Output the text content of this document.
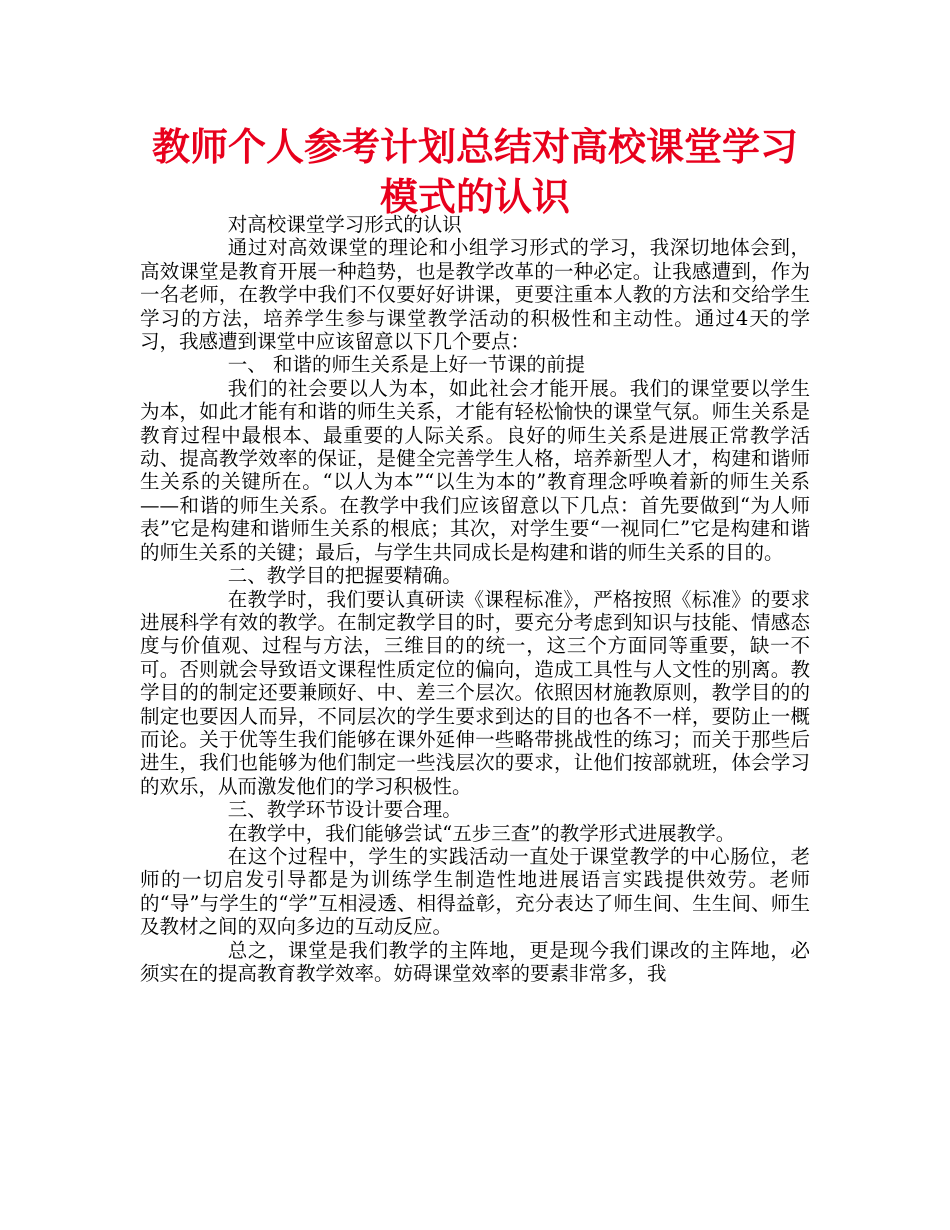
教师个人参考计划总结对高校课堂学习模式的认识

对高校课堂学习形式的认识

通过对高效课堂的理论和小组学习形式的学习，我深切地体会到，高效课堂是教育开展一种趋势，也是教学改革的一种必定。让我感遭到，作为一名老师，在教学中我们不仅要好好讲课，更要注重本人教的方法和交给学生学习的方法，培养学生参与课堂教学活动的积极性和主动性。通过4天的学习，我感遭到课堂中应该留意以下几个要点：

一、 和谐的师生关系是上好一节课的前提

我们的社会要以人为本，如此社会才能开展。我们的课堂要以学生为本，如此才能有和谐的师生关系，才能有轻松愉快的课堂气氛。师生关系是教育过程中最根本、最重要的人际关系。良好的师生关系是进展正常教学活动、提高教学效率的保证，是健全完善学生人格，培养新型人才，构建和谐师生关系的关键所在。“以人为本”“以生为本的”教育理念呼唤着新的师生关系——和谐的师生关系。在教学中我们应该留意以下几点：首先要做到“为人师表”它是构建和谐师生关系的根底；其次，对学生要“一视同仁”它是构建和谐的师生关系的关键；最后，与学生共同成长是构建和谐的师生关系的目的。

二、教学目的把握要精确。

在教学时，我们要认真研读《课程标准》，严格按照《标准》的要求进展科学有效的教学。在制定教学目的时，要充分考虑到知识与技能、情感态度与价值观、过程与方法，三维目的的统一，这三个方面同等重要，缺一不可。否则就会导致语文课程性质定位的偏向，造成工具性与人文性的别离。教学目的的制定还要兼顾好、中、差三个层次。依照因材施教原则，教学目的的制定也要因人而异，不同层次的学生要求到达的目的也各不一样，要防止一概而论。关于优等生我们能够在课外延伸一些略带挑战性的练习；而关于那些后进生，我们也能够为他们制定一些浅层次的要求，让他们按部就班，体会学习的欢乐，从而激发他们的学习积极性。

三、教学环节设计要合理。

在教学中，我们能够尝试“五步三查”的教学形式进展教学。

在这个过程中，学生的实践活动一直处于课堂教学的中心肠位，老师的一切启发引导都是为训练学生制造性地进展语言实践提供效劳。老师的“导”与学生的“学”互相浸透、相得益彰，充分表达了师生间、生生间、师生及教材之间的双向多边的互动反应。

总之，课堂是我们教学的主阵地，更是现今我们课改的主阵地，必须实在的提高教育教学效率。妨碍课堂效率的要素非常多，我
